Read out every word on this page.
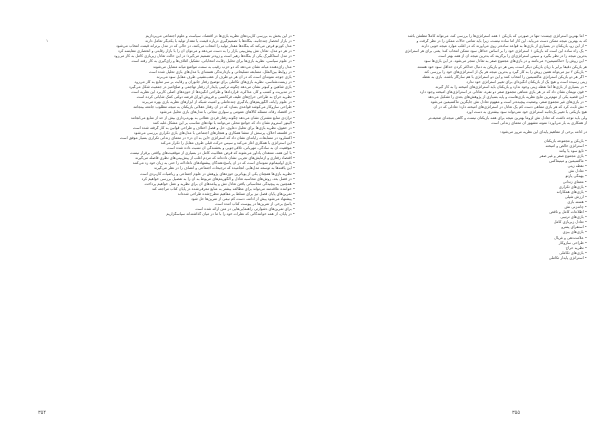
• اما بهترین استراتژی چیست: تنها در صورتی که بازیکن ۱ همه استراتژی‌ها را بررسی کند، می‌تواند کاملاً مطمئن باشد
که به بهترین نتیجه ممکن دست می‌یابد. این کار اما ساده نیست، زیرا باید تمامی حالات ممکن را در نظر گرفت و
• از این رو، بازیکنان در بسیاری از بازی‌ها به قواعد ساده‌تر روی می‌آورند که در اغلب موارد نتیجه خوبی دارند
• یک راه ساده این است که بازیکن ۱ استراتژی خود را بر اساس حداقل سود ممکن انتخاب کند؛ یعنی برای هر استراتژی
بدترین نتیجه را در نظر بگیرد و سپس استراتژی‌ای را برگزیند که بدترین نتیجه آن از همه بهتر است
• این روش را «ماکسیمین» می‌نامند و در بازی‌های مجموع صفر به تعادل منجر می‌شود. در این بازی‌ها سود
هر بازیکن دقیقاً برابر با زیان بازیکن دیگر است، پس هر دو بازیکن به دنبال حداکثر کردن حداقل سود خود هستند
• بازیکن ۲ نیز می‌تواند همین روش را به کار گیرد و بدترین نتیجه هر یک از استراتژی‌های خود را بررسی کند
• اگر هر دو بازیکن استراتژی ماکسیمین را انتخاب کنند و این دو استراتژی با هم سازگار باشند، بازی به نقطه
زینی رسیده است و هیچ یک از بازیکنان انگیزه‌ای برای تغییر استراتژی خود ندارد
• در بسیاری از بازی‌ها اما نقطه زینی وجود ندارد و بازیکنان باید استراتژی‌های آمیخته را به کار گیرند
• فون نویمان نشان داد که در هر بازی متناهی مجموع صفر دو نفره، تعادلی در استراتژی‌های آمیخته وجود دارد
• این قضیه یکی از مهم‌ترین نتایج نظریه بازی‌هاست و پایه بسیاری از پژوهش‌های بعدی را تشکیل می‌دهد
• در بازی‌های غیر مجموع صفر، وضعیت پیچیده‌تر است و مفهوم تعادل نش جایگزین ماکسیمین می‌شود
• نش ثابت کرد که هر بازی متناهی دست کم یک تعادل در استراتژی‌های آمیخته دارد؛ تعادلی که در آن
هیچ بازیکنی با تغییر یک‌جانبه استراتژی خود نمی‌تواند سود بیشتری به دست آورد
ولی باید توجه داشت که تعادل نش لزوماً بهترین نتیجه برای همه بازیکنان نیست و گاهی نتیجه‌ای ضعیف‌تر
از همکاری به بار می‌آورد؛ نمونه مشهور آن معمای زندانی است
در ادامه برخی از مفاهیم پایه‌ای این نظریه مرور می‌شود:
• بازیکن و مجموعه بازیکنان
• استراتژی خالص و آمیخته
• تابع سود یا پیامد
• بازی مجموع صفر و غیر صفر
• ماکسیمین و مینیماکس
• نقطه زینی
• تعادل نش
• بهینگی پارتو
• معمای زندانی
• بازی‌های تکراری
• بازی‌های همکارانه
• ارزش شپلی
• هسته بازی
• چانه‌زنی نش
• اطلاعات کامل و ناقص
• بازی‌های ترتیبی
• تعادل زیربازی کامل
• استقرای پسرو
• بازی‌های بیزی
• علامت‌دهی و غربال
• طراحی سازوکار
• نظریه حراج
• بازی‌های تکاملی
• استراتژی پایدار تکاملی
• در این بخش به بررسی کاربردهای نظریه بازی‌ها در اقتصاد، سیاست و علوم اجتماعی می‌پردازیم
• در بازار انحصار چندجانبه، بنگاه‌ها با تصمیم‌گیری درباره قیمت یا مقدار تولید با یکدیگر تعامل دارند
• مدل کورنو فرض می‌کند که بنگاه‌ها مقدار تولید را انتخاب می‌کنند، در حالی که در مدل برتراند قیمت انتخاب می‌شود
• در هر دو مدل، تعادل نش پیش‌بینی بازار را به دست می‌دهد و می‌توان آن را با بازار رقابتی و انحصاری مقایسه کرد
• در مدل استاکلبرگ یکی از بنگاه‌ها رهبر است و زودتر تصمیم می‌گیرد؛ در این حالت تعادل زیربازی کامل به کار می‌رود
• در علوم سیاسی، نظریه بازی‌ها برای تحلیل رقابت انتخاباتی، تشکیل ائتلاف‌ها و رأی‌گیری به کار رفته است
• مدل رأی‌دهنده میانه نشان می‌دهد که دو حزب رقیب به سمت مواضع میانه متمایل می‌شوند
• در روابط بین‌الملل، مسابقه تسلیحاتی و بازدارندگی هسته‌ای با مدل‌های بازی تحلیل شده است
• بازی جوجه نمونه‌ای است که در آن هر دو طرف از عقب‌نشینی طرف مقابل سود می‌برند
• در زیست‌شناسی، نظریه بازی‌های تکاملی برای توضیح رفتار جانوران و رقابت بر سر منابع به کار می‌رود
• بازی شاهین و کبوتر نشان می‌دهد چگونه ترکیبی پایدار از رفتار تهاجمی و صلح‌آمیز در جمعیت شکل می‌گیرد
• در مدیریت و کسب و کار، مذاکره، قراردادها و طراحی انگیزه‌ها از حوزه‌های اصلی کاربرد این نظریه است
• نظریه حراج به طراحی حراج‌های طیف فرکانسی و فروش اوراق قرضه دولتی کمک شایانی کرده است
• در علوم رایانه، الگوریتم‌های یادگیری چندعاملی و امنیت شبکه از ابزارهای نظریه بازی بهره می‌برند
• طراحی سازوکار می‌کوشد قواعدی بسازد که در آن رفتار عقلانی بازیکنان به نتیجه مطلوب جامعه بینجامد
• در اقتصاد رفاه، مسئله کالاهای عمومی و سواری مجانی با مدل‌های بازی تحلیل می‌شود
• تراژدی منابع مشترک نشان می‌دهد چگونه رفتار فردی عقلانی به بهره‌برداری بیش از حد از منابع می‌انجامد
• الینور استروم نشان داد که جوامع محلی می‌توانند با نهادهای مناسب بر این مشکل غلبه کنند
• در حقوق، نظریه بازی‌ها برای تحلیل دعاوی، حل و فصل اختلاف و طراحی قوانین به کار گرفته شده است
• در فلسفه اخلاق، پرسش از منشأ همکاری و هنجارهای اجتماعی با مدل‌های بازی تکراری بررسی می‌شود
• آکسلرود در مسابقات رایانه‌ای نشان داد که استراتژی «این به آن در» در معمای زندانی تکراری بسیار موفق است
• این استراتژی با همکاری آغاز می‌کند و سپس حرکت قبلی طرف مقابل را تکرار می‌کند
• موفقیت آن به سادگی، مهربانی، تلافی‌جویی و بخشندگی آن نسبت داده شده است
• با این همه، منتقدان یادآور می‌شوند که فرض عقلانیت کامل در بسیاری از موقعیت‌های واقعی برقرار نیست
• اقتصاد رفتاری و آزمایش‌های تجربی نشان داده‌اند که مردم اغلب از پیش‌بینی‌های نظری فاصله می‌گیرند
• بازی اولتیماتوم نمونه‌ای است که در آن پاسخ‌دهندگان پیشنهادهای ناعادلانه را حتی به زیان خود رد می‌کنند
• این یافته‌ها به توسعه مدل‌هایی انجامیده که ترجیحات اجتماعی و انصاف را در نظر می‌گیرند
• نظریه بازی‌ها همچنان یکی از پویاترین حوزه‌های پژوهش در علوم اجتماعی و ریاضیات کاربردی است
• در فصل بعد، روش‌های محاسبه تعادل و الگوریتم‌های مربوط به آن را به تفصیل بررسی خواهیم کرد
• همچنین به پیچیدگی محاسباتی یافتن تعادل نش و پیامدهای آن برای نظریه و عمل خواهیم پرداخت
• خواننده علاقه‌مند می‌تواند برای مطالعه بیشتر به منابع معرفی‌شده در پایان کتاب مراجعه کند
• تمرین‌های پایان فصل نیز برای تسلط بر مفاهیم مطرح‌شده طراحی شده‌اند
• پیشنهاد می‌شود پیش از ادامه، دست کم نیمی از تمرین‌ها حل شود
• پاسخ برخی از تمرین‌ها در پیوست کتاب آمده است
• برای تمرین‌های دشوارتر، راهنمایی‌هایی در متن ارائه شده است
• در پایان، از همه خوانندگانی که نظرات خود را با ما در میان گذاشته‌اند سپاسگزاریم
۱
۳۵۵
۳۵۴
